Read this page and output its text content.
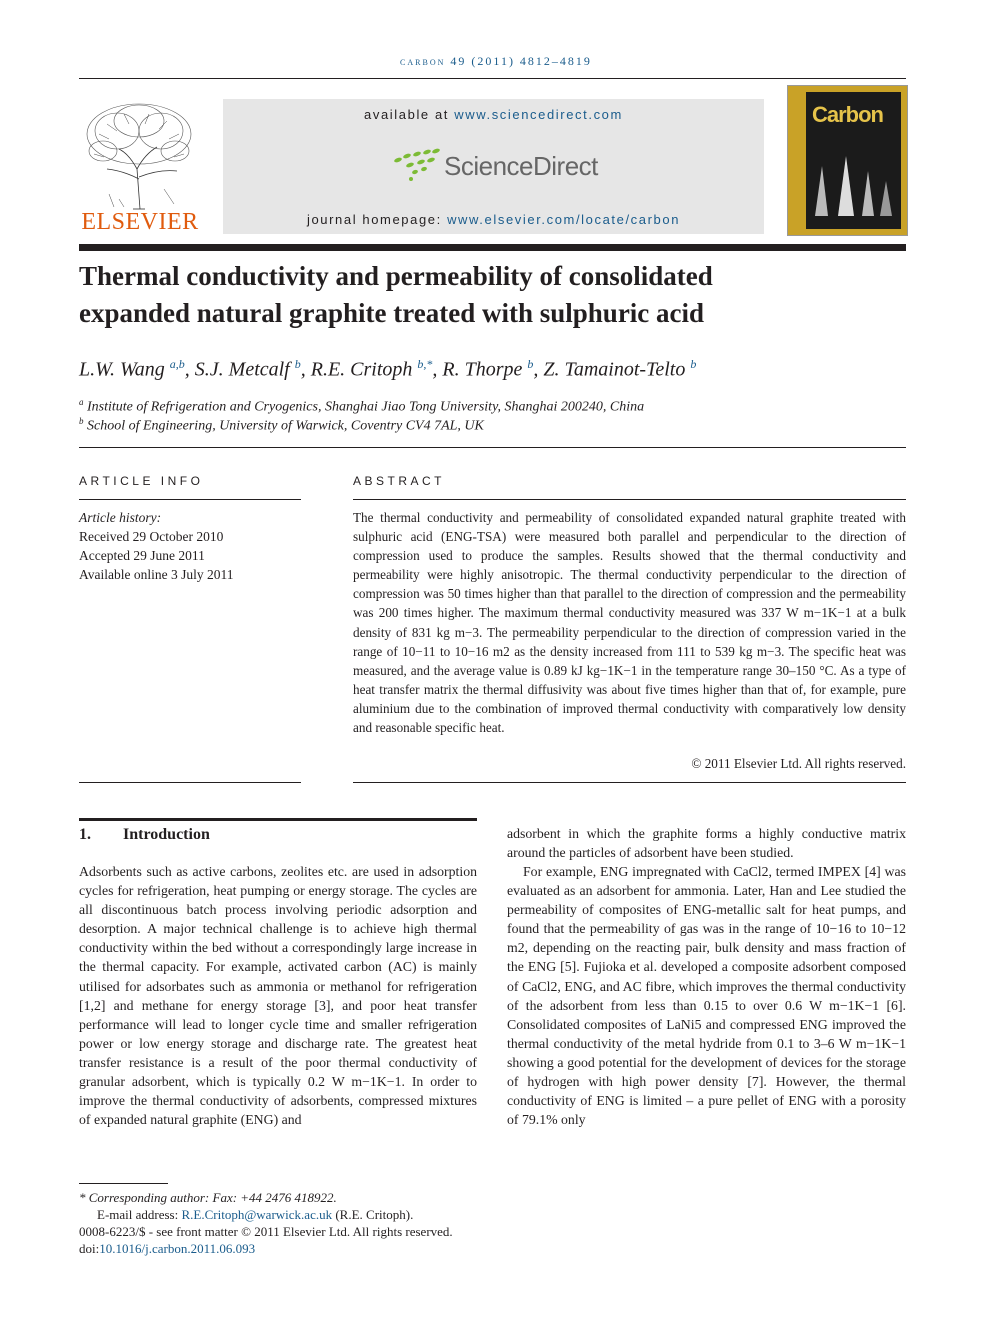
carbon 49 (2011) 4812–4819
ELSEVIER
available at www.sciencedirect.com
ScienceDirect
journal homepage: www.elsevier.com/locate/carbon
Carbon
Thermal conductivity and permeability of consolidated
expanded natural graphite treated with sulphuric acid
L.W. Wang $^{a,b}$, S.J. Metcalf $^b$, R.E. Critoph $^{b,*}$, R. Thorpe $^b$, Z. Tamainot-Telto $^b$
$^a$ Institute of Refrigeration and Cryogenics, Shanghai Jiao Tong University, Shanghai 200240, China
$^b$ School of Engineering, University of Warwick, Coventry CV4 7AL, UK
ARTICLE INFO
Article history:
Received 29 October 2010
Accepted 29 June 2011
Available online 3 July 2011
ABSTRACT
The thermal conductivity and permeability of consolidated expanded natural graphite treated with sulphuric acid (ENG-TSA) were measured both parallel and perpendicular to the direction of compression used to produce the samples. Results showed that the thermal conductivity and permeability were highly anisotropic. The thermal conductivity perpendicular to the direction of compression was 50 times higher than that parallel to the direction of compression and the permeability was 200 times higher. The maximum thermal conductivity measured was 337 W m−1K−1 at a bulk density of 831 kg m−3. The permeability perpendicular to the direction of compression varied in the range of 10−11 to 10−16 m2 as the density increased from 111 to 539 kg m−3. The specific heat was measured, and the average value is 0.89 kJ kg−1K−1 in the temperature range 30–150 °C. As a type of heat transfer matrix the thermal diffusivity was about five times higher than that of, for example, pure aluminium due to the combination of improved thermal conductivity with comparatively low density and reasonable specific heat.
© 2011 Elsevier Ltd. All rights reserved.
1. Introduction
Adsorbents such as active carbons, zeolites etc. are used in adsorption cycles for refrigeration, heat pumping or energy storage. The cycles are all discontinuous batch process involving periodic adsorption and desorption. A major technical challenge is to achieve high thermal conductivity within the bed without a correspondingly large increase in the thermal capacity. For example, activated carbon (AC) is mainly utilised for adsorbates such as ammonia or methanol for refrigeration [1,2] and methane for energy storage [3], and poor heat transfer performance will lead to longer cycle time and smaller refrigeration power or low energy storage and discharge rate. The greatest heat transfer resistance is a result of the poor thermal conductivity of granular adsorbent, which is typically 0.2 W m−1K−1. In order to improve the thermal conductivity of adsorbents, compressed mixtures of expanded natural graphite (ENG) and
adsorbent in which the graphite forms a highly conductive matrix around the particles of adsorbent have been studied.
For example, ENG impregnated with CaCl2, termed IMPEX [4] was evaluated as an adsorbent for ammonia. Later, Han and Lee studied the permeability of composites of ENG-metallic salt for heat pumps, and found that the permeability of gas was in the range of 10−16 to 10−12 m2, depending on the reacting pair, bulk density and mass fraction of the ENG [5]. Fujioka et al. developed a composite adsorbent composed of CaCl2, ENG, and AC fibre, which improves the thermal conductivity of the adsorbent from less than 0.15 to over 0.6 W m−1K−1 [6]. Consolidated composites of LaNi5 and compressed ENG improved the thermal conductivity of the metal hydride from 0.1 to 3–6 W m−1K−1 showing a good potential for the development of devices for the storage of hydrogen with high power density [7]. However, the thermal conductivity of ENG is limited – a pure pellet of ENG with a porosity of 79.1% only
* Corresponding author: Fax: +44 2476 418922.
E-mail address: R.E.Critoph@warwick.ac.uk (R.E. Critoph).
0008-6223/$ - see front matter © 2011 Elsevier Ltd. All rights reserved.
doi:10.1016/j.carbon.2011.06.093
